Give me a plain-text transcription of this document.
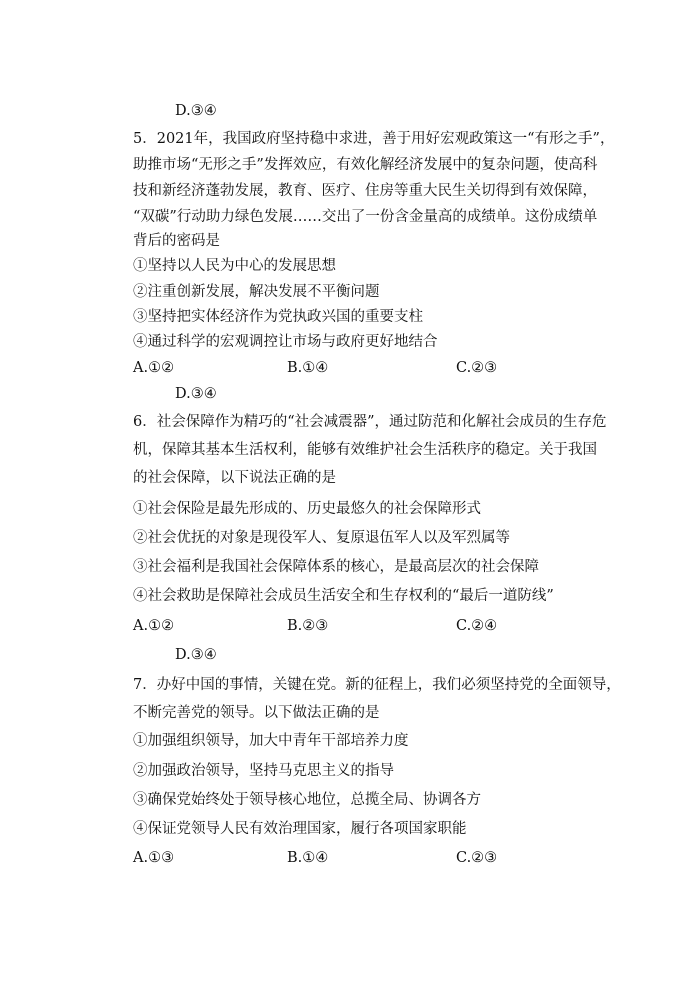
D.③④
5．2021年，我国政府坚持稳中求进，善于用好宏观政策这一“有形之手”，
助推市场“无形之手”发挥效应，有效化解经济发展中的复杂问题，使高科
技和新经济蓬勃发展，教育、医疗、住房等重大民生关切得到有效保障，
“双碳”行动助力绿色发展……交出了一份含金量高的成绩单。这份成绩单
背后的密码是
①坚持以人民为中心的发展思想
②注重创新发展，解决发展不平衡问题
③坚持把实体经济作为党执政兴国的重要支柱
④通过科学的宏观调控让市场与政府更好地结合
A.①②	B.①④	C.②③
D.③④
6．社会保障作为精巧的“社会减震器”，通过防范和化解社会成员的生存危
机，保障其基本生活权利，能够有效维护社会生活秩序的稳定。关于我国
的社会保障，以下说法正确的是
①社会保险是最先形成的、历史最悠久的社会保障形式
②社会优抚的对象是现役军人、复原退伍军人以及军烈属等
③社会福利是我国社会保障体系的核心，是最高层次的社会保障
④社会救助是保障社会成员生活安全和生存权利的“最后一道防线”
A.①②	B.②③	C.②④
D.③④
7．办好中国的事情，关键在党。新的征程上，我们必须坚持党的全面领导，
不断完善党的领导。以下做法正确的是
①加强组织领导，加大中青年干部培养力度
②加强政治领导，坚持马克思主义的指导
③确保党始终处于领导核心地位，总揽全局、协调各方
④保证党领导人民有效治理国家，履行各项国家职能
A.①③	B.①④	C.②③
